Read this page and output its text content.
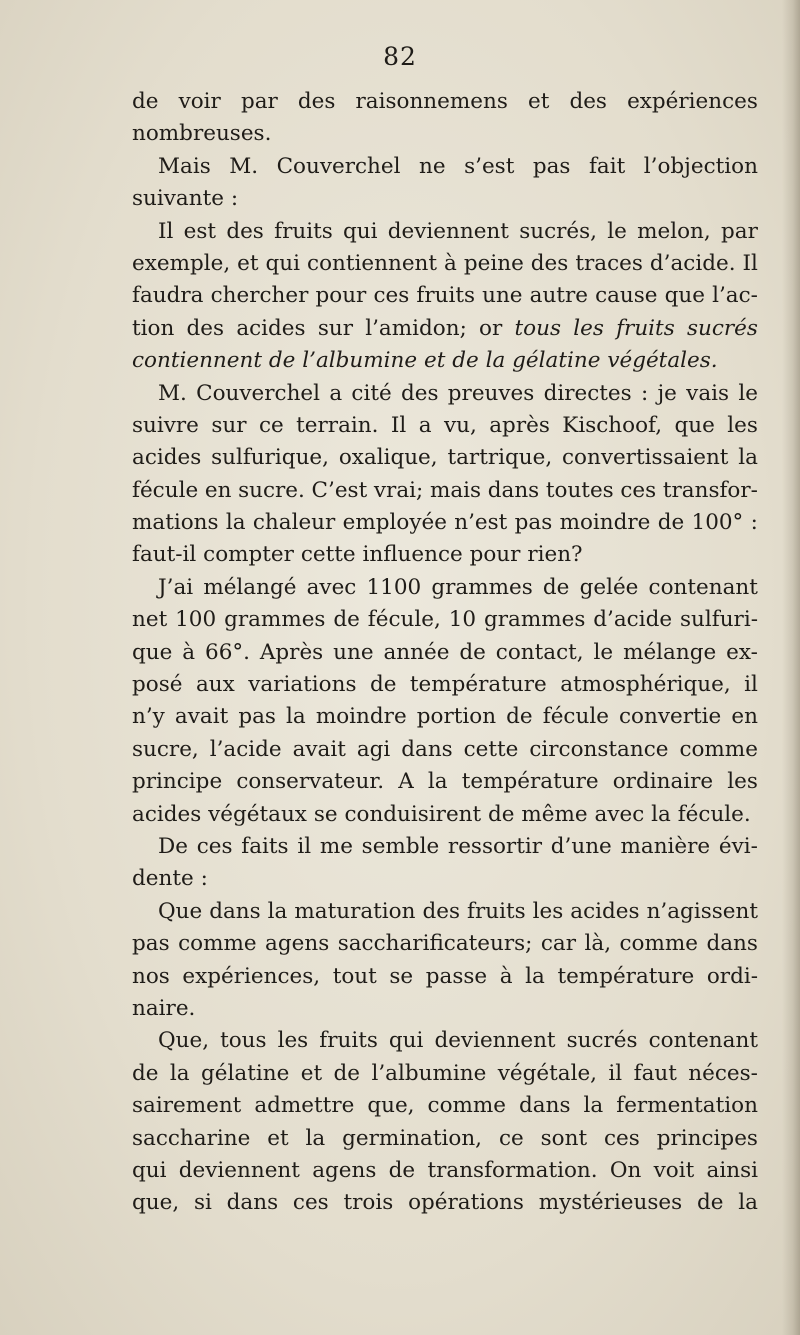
82
de voir par des raisonnemens et des expériences
nombreuses.
Mais M. Couverchel ne s’est pas fait l’objection
suivante :
Il est des fruits qui deviennent sucrés, le melon, par
exemple, et qui contiennent à peine des traces d’acide. Il
faudra chercher pour ces fruits une autre cause que l’ac-
tion des acides sur l’amidon; or tous les fruits sucrés
contiennent de l’albumine et de la gélatine végétales.
M. Couverchel a cité des preuves directes : je vais le
suivre sur ce terrain. Il a vu, après Kischoof, que les
acides sulfurique, oxalique, tartrique, convertissaient la
fécule en sucre. C’est vrai; mais dans toutes ces transfor-
mations la chaleur employée n’est pas moindre de 100° :
faut-il compter cette influence pour rien?
J’ai mélangé avec 1100 grammes de gelée contenant
net 100 grammes de fécule, 10 grammes d’acide sulfuri-
que à 66°. Après une année de contact, le mélange ex-
posé aux variations de température atmosphérique, il
n’y avait pas la moindre portion de fécule convertie en
sucre, l’acide avait agi dans cette circonstance comme
principe conservateur. A la température ordinaire les
acides végétaux se conduisirent de même avec la fécule.
De ces faits il me semble ressortir d’une manière évi-
dente :
Que dans la maturation des fruits les acides n’agissent
pas comme agens saccharificateurs; car là, comme dans
nos expériences, tout se passe à la température ordi-
naire.
Que, tous les fruits qui deviennent sucrés contenant
de la gélatine et de l’albumine végétale, il faut néces-
sairement admettre que, comme dans la fermentation
saccharine et la germination, ce sont ces principes
qui deviennent agens de transformation. On voit ainsi
que, si dans ces trois opérations mystérieuses de la
